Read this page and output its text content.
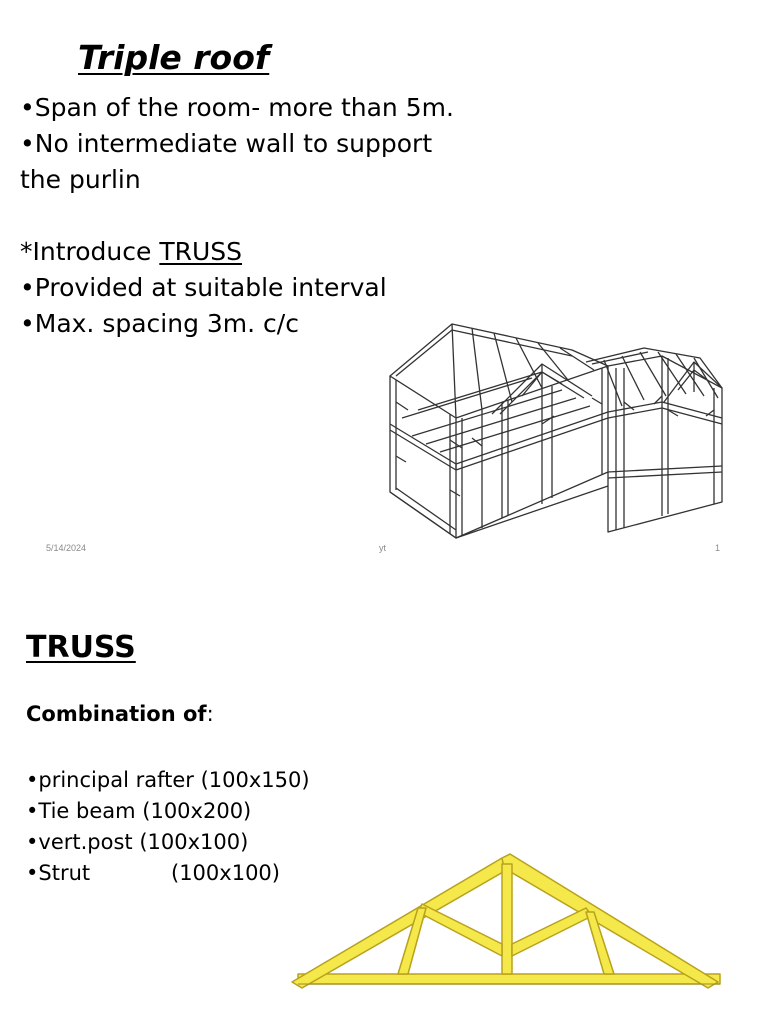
Triple roof
•Span of the room- more than 5m.
•No intermediate wall to support
the purlin
*Introduce TRUSS
•Provided at suitable interval
•Max. spacing 3m. c/c
5/14/2024	yt	1
TRUSS
Combination of:
•principal rafter (100x150)
•Tie beam (100x200)
•vert.post (100x100)
•Strut	(100x100)
